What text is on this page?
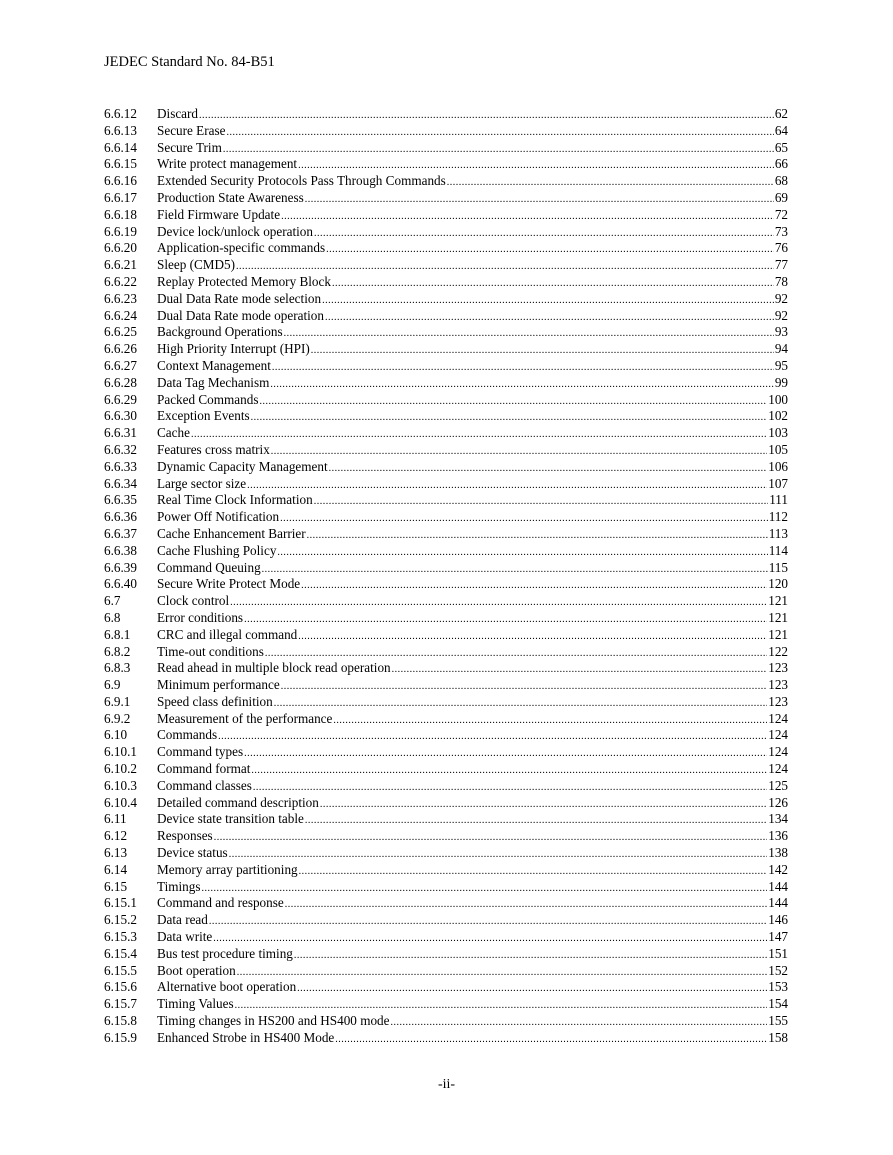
JEDEC Standard No. 84-B51
6.6.12	Discard .....	62
6.6.13	Secure Erase .....	64
6.6.14	Secure Trim .....	65
6.6.15	Write protect management .....	66
6.6.16	Extended Security Protocols Pass Through Commands .....	68
6.6.17	Production State Awareness .....	69
6.6.18	Field Firmware Update .....	72
6.6.19	Device lock/unlock operation .....	73
6.6.20	Application-specific commands .....	76
6.6.21	Sleep (CMD5) .....	77
6.6.22	Replay Protected Memory Block .....	78
6.6.23	Dual Data Rate mode selection .....	92
6.6.24	Dual Data Rate mode operation .....	92
6.6.25	Background Operations .....	93
6.6.26	High Priority Interrupt (HPI) .....	94
6.6.27	Context Management .....	95
6.6.28	Data Tag Mechanism .....	99
6.6.29	Packed Commands .....	100
6.6.30	Exception Events .....	102
6.6.31	Cache .....	103
6.6.32	Features cross matrix .....	105
6.6.33	Dynamic Capacity Management .....	106
6.6.34	Large sector size .....	107
6.6.35	Real Time Clock Information .....	111
6.6.36	Power Off Notification .....	112
6.6.37	Cache Enhancement Barrier .....	113
6.6.38	Cache Flushing Policy .....	114
6.6.39	Command Queuing .....	115
6.6.40	Secure Write Protect Mode .....	120
6.7	Clock control .....	121
6.8	Error conditions .....	121
6.8.1	CRC and illegal command .....	121
6.8.2	Time-out conditions .....	122
6.8.3	Read ahead in multiple block read operation .....	123
6.9	Minimum performance .....	123
6.9.1	Speed class definition .....	123
6.9.2	Measurement of the performance .....	124
6.10	Commands .....	124
6.10.1	Command types .....	124
6.10.2	Command format .....	124
6.10.3	Command classes .....	125
6.10.4	Detailed command description .....	126
6.11	Device state transition table .....	134
6.12	Responses .....	136
6.13	Device status .....	138
6.14	Memory array partitioning .....	142
6.15	Timings .....	144
6.15.1	Command and response .....	144
6.15.2	Data read .....	146
6.15.3	Data write .....	147
6.15.4	Bus test procedure timing .....	151
6.15.5	Boot operation .....	152
6.15.6	Alternative boot operation .....	153
6.15.7	Timing Values .....	154
6.15.8	Timing changes in HS200 and HS400 mode .....	155
6.15.9	Enhanced Strobe in HS400 Mode .....	158
-ii-
